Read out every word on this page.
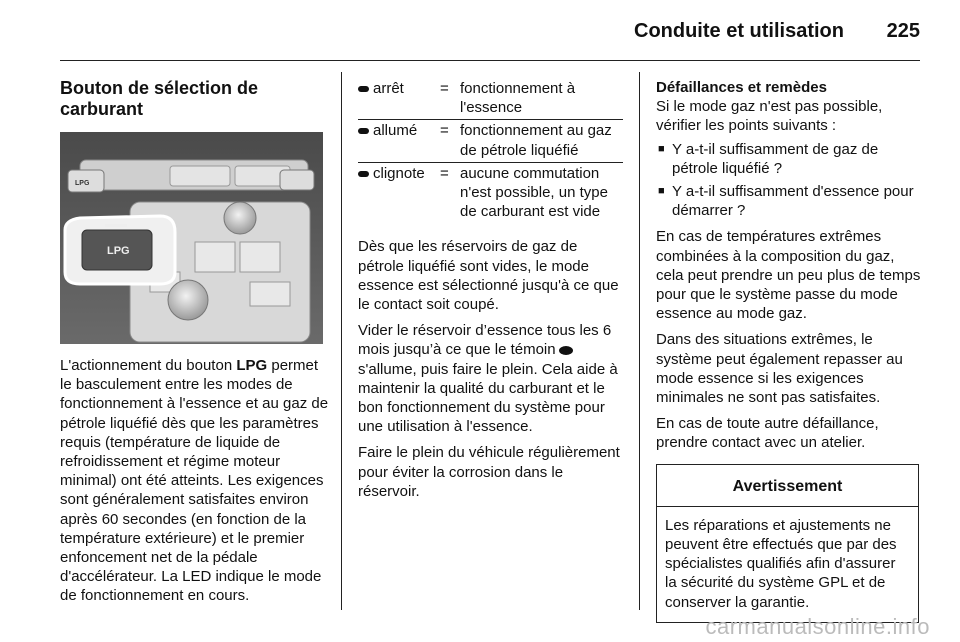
Conduite et utilisation 225
Bouton de sélection de carburant
LPG
LPG
L'actionnement du bouton LPG permet le basculement entre les modes de fonctionnement à l'essence et au gaz de pétrole liquéfié dès que les paramètres requis (température de liquide de refroidissement et régime moteur minimal) ont été atteints. Les exigences sont généralement satisfaites environ après 60 secondes (en fonction de la température extérieure) et le premier enfoncement net de la pédale d'accélérateur. La LED indique le mode de fonctionnement en cours.
arrêt = fonctionnement à l'essence
allumé = fonctionnement au gaz de pétrole liquéfié
clignote = aucune commutation n'est possible, un type de carburant est vide
Dès que les réservoirs de gaz de pétrole liquéfié sont vides, le mode essence est sélectionné jusqu'à ce que le contact soit coupé.
Vider le réservoir d’essence tous les 6 mois jusqu’à ce que le témoin s'allume, puis faire le plein. Cela aide à maintenir la qualité du carburant et le bon fonctionnement du système pour une utilisation à l'essence.
Faire le plein du véhicule régulièrement pour éviter la corrosion dans le réservoir.
Défaillances et remèdes
Si le mode gaz n'est pas possible, vérifier les points suivants :
■ Y a-t-il suffisamment de gaz de pétrole liquéfié ?
■ Y a-t-il suffisamment d'essence pour démarrer ?
En cas de températures extrêmes combinées à la composition du gaz, cela peut prendre un peu plus de temps pour que le système passe du mode essence au mode gaz.
Dans des situations extrêmes, le système peut également repasser au mode essence si les exigences minimales ne sont pas satisfaites.
En cas de toute autre défaillance, prendre contact avec un atelier.
Avertissement
Les réparations et ajustements ne peuvent être effectués que par des spécialistes qualifiés afin d'assurer la sécurité du système GPL et de conserver la garantie.
carmanualsonline.info
